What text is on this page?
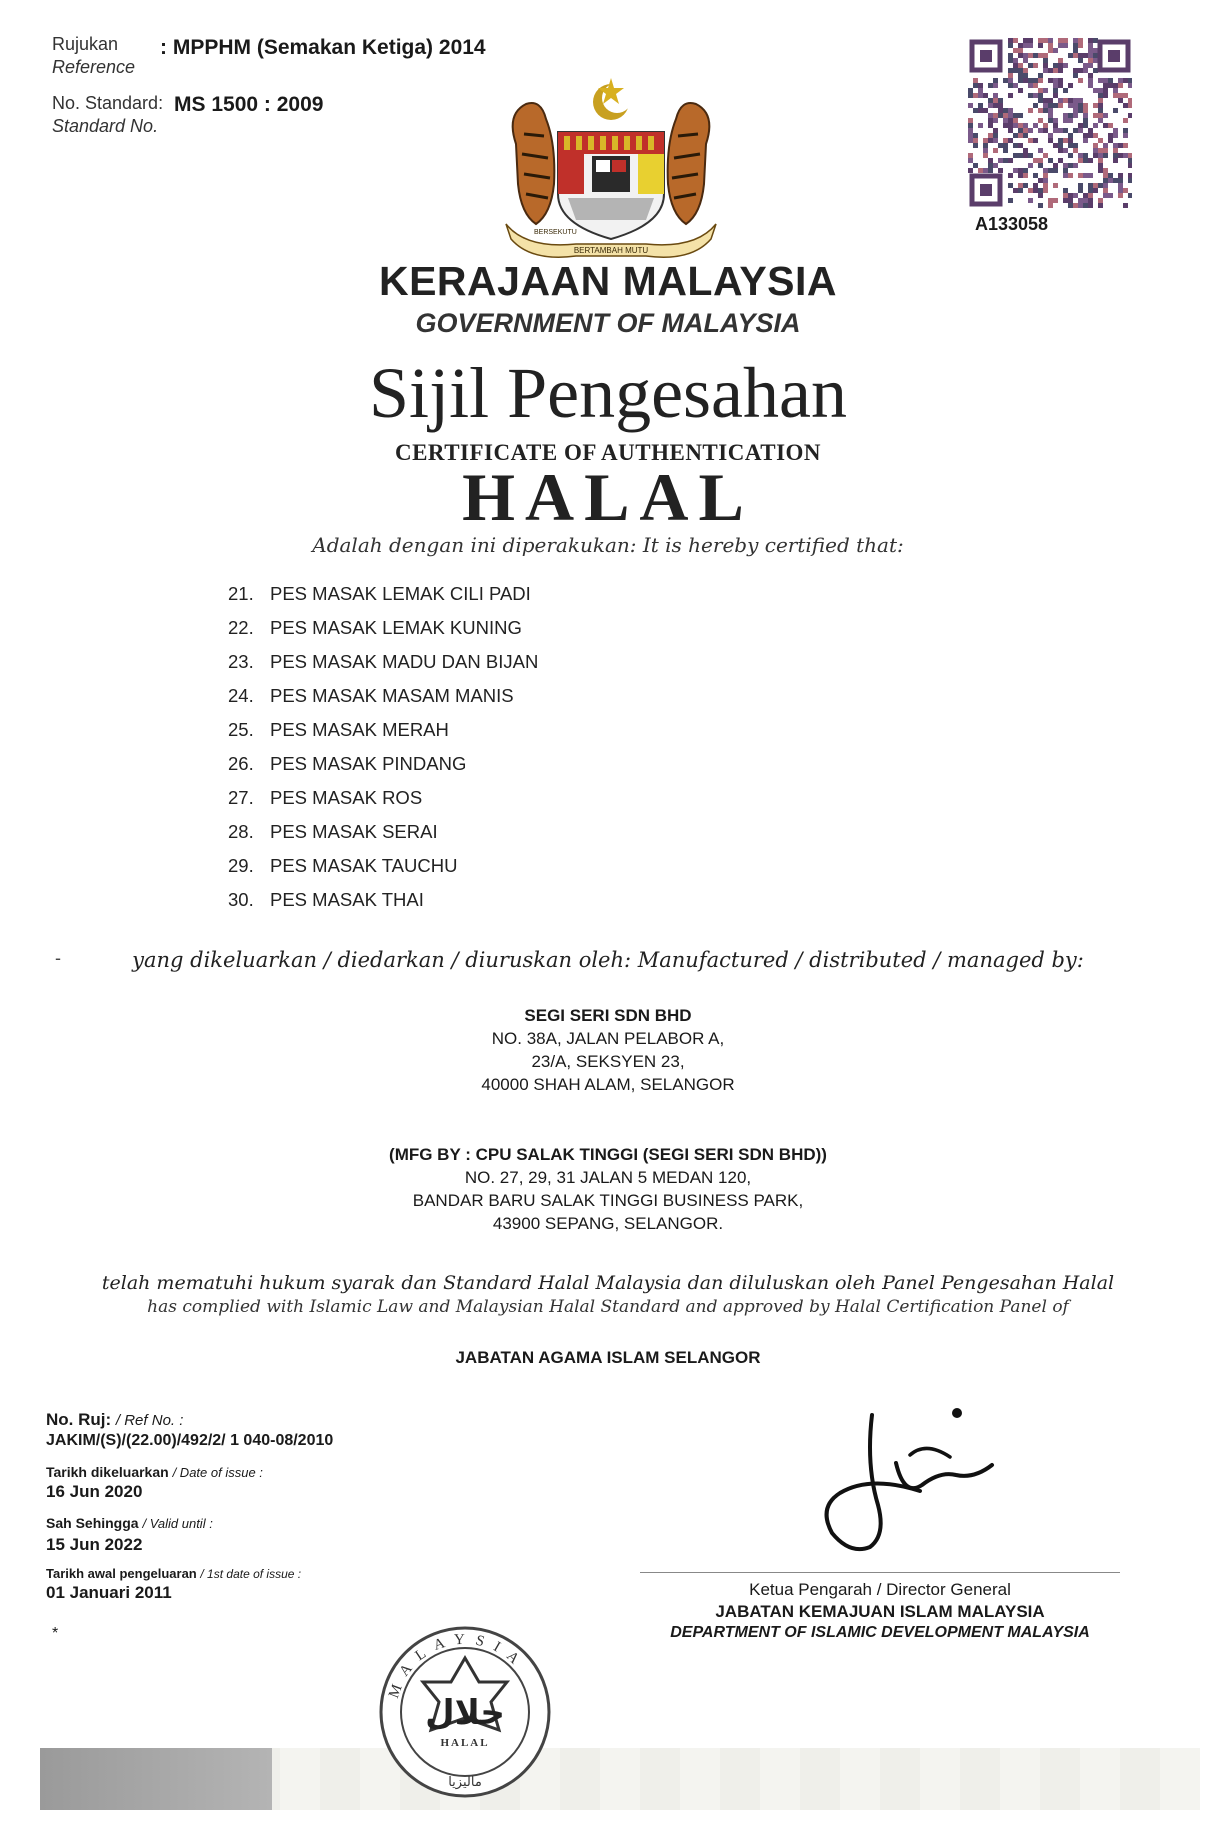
Rujukan
Reference
: MPPHM (Semakan Ketiga) 2014
No. Standard:
Standard No.
MS 1500 : 2009
A133058
BERTAMBAH MUTU
BERSEKUTU
KERAJAAN MALAYSIA
GOVERNMENT OF MALAYSIA
Sijil Pengesahan
CERTIFICATE OF AUTHENTICATION
HALAL
Adalah dengan ini diperakukan: It is hereby certified that:
21. PES MASAK LEMAK CILI PADI
22. PES MASAK LEMAK KUNING
23. PES MASAK MADU DAN BIJAN
24. PES MASAK MASAM MANIS
25. PES MASAK MERAH
26. PES MASAK PINDANG
27. PES MASAK ROS
28. PES MASAK SERAI
29. PES MASAK TAUCHU
30. PES MASAK THAI
-	yang dikeluarkan / diedarkan / diuruskan oleh: Manufactured / distributed / managed by:
SEGI SERI SDN BHD
NO. 38A, JALAN PELABOR A,
23/A, SEKSYEN 23,
40000 SHAH ALAM, SELANGOR
(MFG BY : CPU SALAK TINGGI (SEGI SERI SDN BHD))
NO. 27, 29, 31 JALAN 5 MEDAN 120,
BANDAR BARU SALAK TINGGI BUSINESS PARK,
43900 SEPANG, SELANGOR.
telah mematuhi hukum syarak dan Standard Halal Malaysia dan diluluskan oleh Panel Pengesahan Halal
has complied with Islamic Law and Malaysian Halal Standard and approved by Halal Certification Panel of
JABATAN AGAMA ISLAM SELANGOR
No. Ruj: / Ref No. :
JAKIM/(S)/(22.00)/492/2/ 1 040-08/2010
Tarikh dikeluarkan / Date of issue :
16 Jun 2020
Sah Sehingga / Valid until :
15 Jun 2022
Tarikh awal pengeluaran / 1st date of issue :
01 Januari 2011
*
Ketua Pengarah / Director General
JABATAN KEMAJUAN ISLAM MALAYSIA
DEPARTMENT OF ISLAMIC DEVELOPMENT MALAYSIA
MALAYSIA
حلال
HALAL
ماليزيا
